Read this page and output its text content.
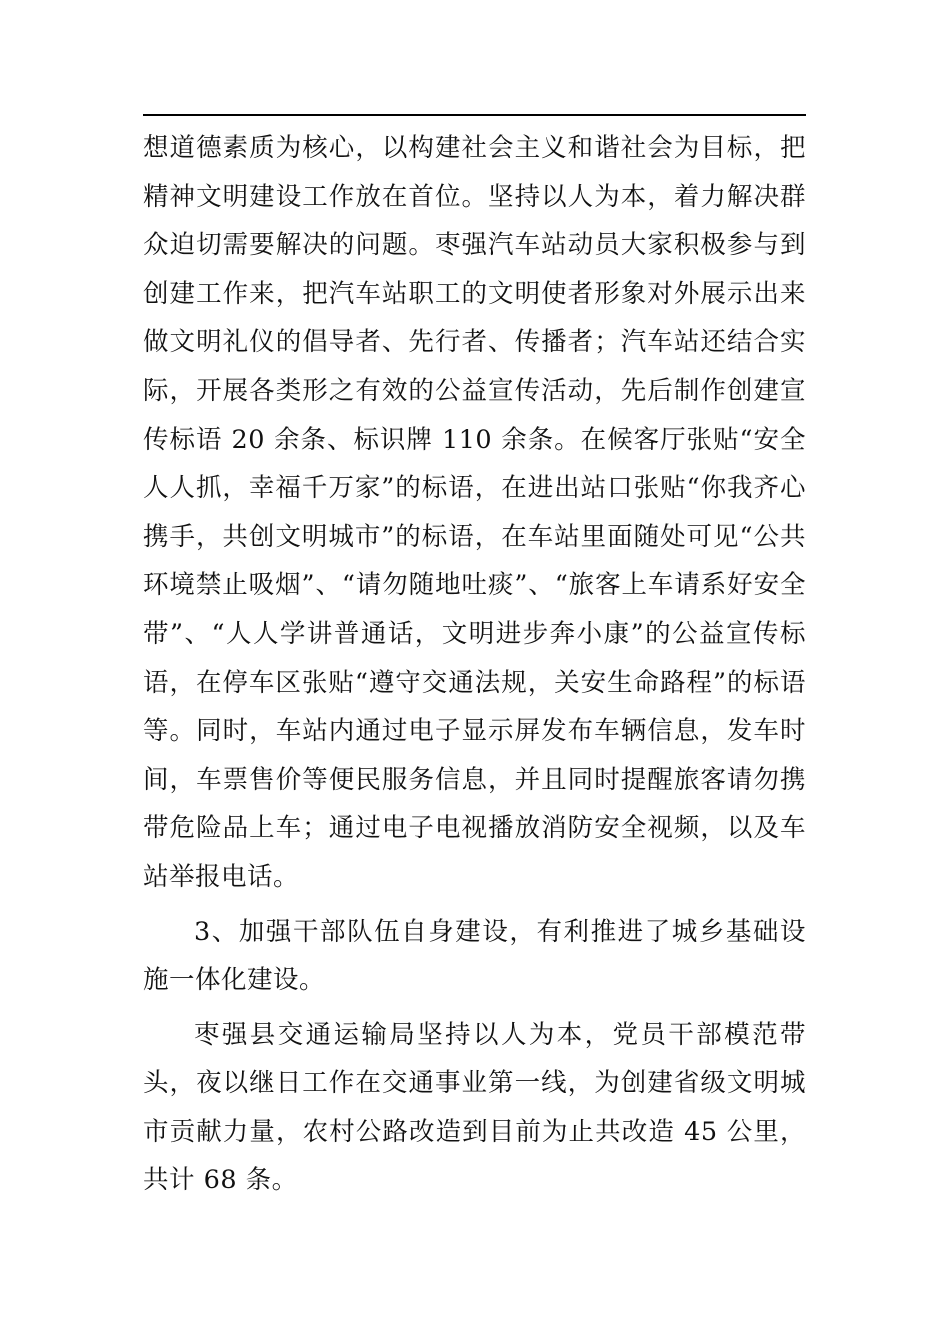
想道德素质为核心，以构建社会主义和谐社会为目标，把精神文明建设工作放在首位。坚持以人为本，着力解决群众迫切需要解决的问题。枣强汽车站动员大家积极参与到创建工作来，把汽车站职工的文明使者形象对外展示出来做文明礼仪的倡导者、先行者、传播者；汽车站还结合实际，开展各类形之有效的公益宣传活动，先后制作创建宣传标语 20 余条、标识牌 110 余条。在候客厅张贴“安全人人抓，幸福千万家”的标语，在进出站口张贴“你我齐心携手，共创文明城市”的标语，在车站里面随处可见“公共环境禁止吸烟”、“请勿随地吐痰”、“旅客上车请系好安全带”、“人人学讲普通话，文明进步奔小康”的公益宣传标语，在停车区张贴“遵守交通法规，关安生命路程”的标语等。同时，车站内通过电子显示屏发布车辆信息，发车时间，车票售价等便民服务信息，并且同时提醒旅客请勿携带危险品上车；通过电子电视播放消防安全视频，以及车站举报电话。

3、加强干部队伍自身建设，有利推进了城乡基础设施一体化建设。

枣强县交通运输局坚持以人为本，党员干部模范带头，夜以继日工作在交通事业第一线，为创建省级文明城市贡献力量，农村公路改造到目前为止共改造 45 公里，共计 68 条。
